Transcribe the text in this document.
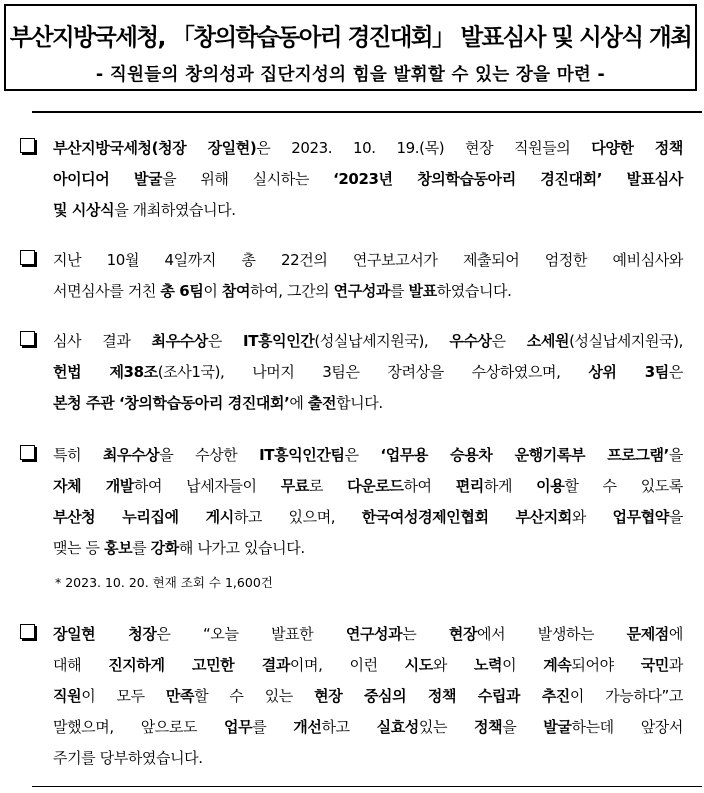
부산지방국세청, 「창의학습동아리 경진대회」 발표심사 및 시상식 개최
- 직원들의 창의성과 집단지성의 힘을 발휘할 수 있는 장을 마련 -

부산지방국세청(청장 장일현)은 2023. 10. 19.(목) 현장 직원들의 다양한 정책
아이디어 발굴을 위해 실시하는 ‘2023년 창의학습동아리 경진대회’ 발표심사
및 시상식을 개최하였습니다.

지난 10월 4일까지 총 22건의 연구보고서가 제출되어 엄정한 예비심사와
서면심사를 거친 총 6팀이 참여하여, 그간의 연구성과를 발표하였습니다.

심사 결과 최우수상은 IT흥익인간(성실납세지원국), 우수상은 소세원(성실납세지원국),
헌법 제38조(조사1국), 나머지 3팀은 장려상을 수상하였으며, 상위 3팀은
본청 주관 ‘창의학습동아리 경진대회’에 출전합니다.

특히 최우수상을 수상한 IT흥익인간팀은 ‘업무용 승용차 운행기록부 프로그램’을
자체 개발하여 납세자들이 무료로 다운로드하여 편리하게 이용할 수 있도록
부산청 누리집에 게시하고 있으며, 한국여성경제인협회 부산지회와 업무협약을
맺는 등 홍보를 강화해 나가고 있습니다.

* 2023. 10. 20. 현재 조회 수 1,600건

장일현 청장은 “오늘 발표한 연구성과는 현장에서 발생하는 문제점에
대해 진지하게 고민한 결과이며, 이런 시도와 노력이 계속되어야 국민과
직원이 모두 만족할 수 있는 현장 중심의 정책 수립과 추진이 가능하다”고
말했으며, 앞으로도 업무를 개선하고 실효성있는 정책을 발굴하는데 앞장서
주기를 당부하였습니다.
